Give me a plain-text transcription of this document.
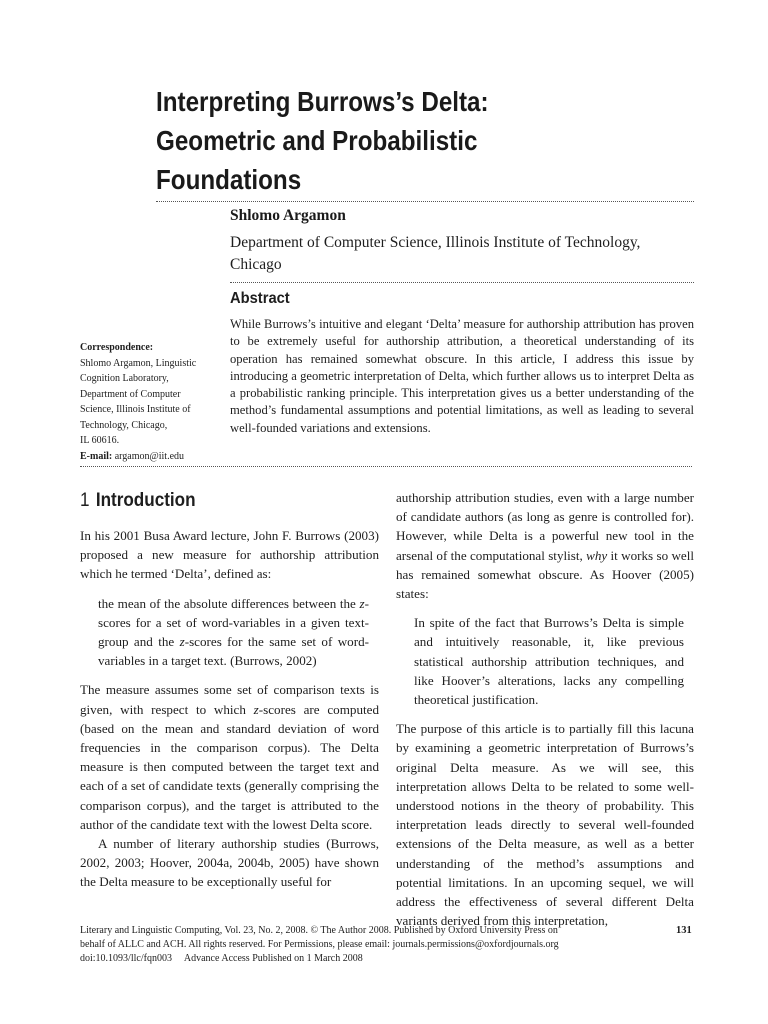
Interpreting Burrows’s Delta:
Geometric and Probabilistic
Foundations

Shlomo Argamon

Department of Computer Science, Illinois Institute of Technology,
Chicago

Abstract

While Burrows’s intuitive and elegant ‘Delta’ measure for authorship attribution has proven to be extremely useful for authorship attribution, a theoretical understanding of its operation has remained somewhat obscure. In this article, I address this issue by introducing a geometric interpretation of Delta, which further allows us to interpret Delta as a probabilistic ranking principle. This interpretation gives us a better understanding of the method’s fundamental assumptions and potential limitations, as well as leading to several well-founded variations and extensions.

Correspondence:
Shlomo Argamon, Linguistic
Cognition Laboratory,
Department of Computer
Science, Illinois Institute of
Technology, Chicago,
IL 60616.
E-mail: argamon@iit.edu
1 Introduction

In his 2001 Busa Award lecture, John F. Burrows (2003) proposed a new measure for authorship attribution which he termed ‘Delta’, defined as:

the mean of the absolute differences between the z-scores for a set of word-variables in a given text-group and the z-scores for the same set of word-variables in a target text. (Burrows, 2002)

The measure assumes some set of comparison texts is given, with respect to which z-scores are computed (based on the mean and standard deviation of word frequencies in the comparison corpus). The Delta measure is then computed between the target text and each of a set of candidate texts (generally comprising the comparison corpus), and the target is attributed to the author of the candidate text with the lowest Delta score.

A number of literary authorship studies (Burrows, 2002, 2003; Hoover, 2004a, 2004b, 2005) have shown the Delta measure to be exceptionally useful for

authorship attribution studies, even with a large number of candidate authors (as long as genre is controlled for). However, while Delta is a powerful new tool in the arsenal of the computational stylist, why it works so well has remained somewhat obscure. As Hoover (2005) states:

In spite of the fact that Burrows’s Delta is simple and intuitively reasonable, it, like previous statistical authorship attribution techniques, and like Hoover’s alterations, lacks any compelling theoretical justification.

The purpose of this article is to partially fill this lacuna by examining a geometric interpretation of Burrows’s original Delta measure. As we will see, this interpretation allows Delta to be related to some well-understood notions in the theory of probability. This interpretation leads directly to several well-founded extensions of the Delta measure, as well as a better understanding of the method’s assumptions and potential limitations. In an upcoming sequel, we will address the effectiveness of several different Delta variants derived from this interpretation,

Literary and Linguistic Computing, Vol. 23, No. 2, 2008. © The Author 2008. Published by Oxford University Press on
behalf of ALLC and ACH. All rights reserved. For Permissions, please email: journals.permissions@oxfordjournals.org
doi:10.1093/llc/fqn003     Advance Access Published on 1 March 2008
131
